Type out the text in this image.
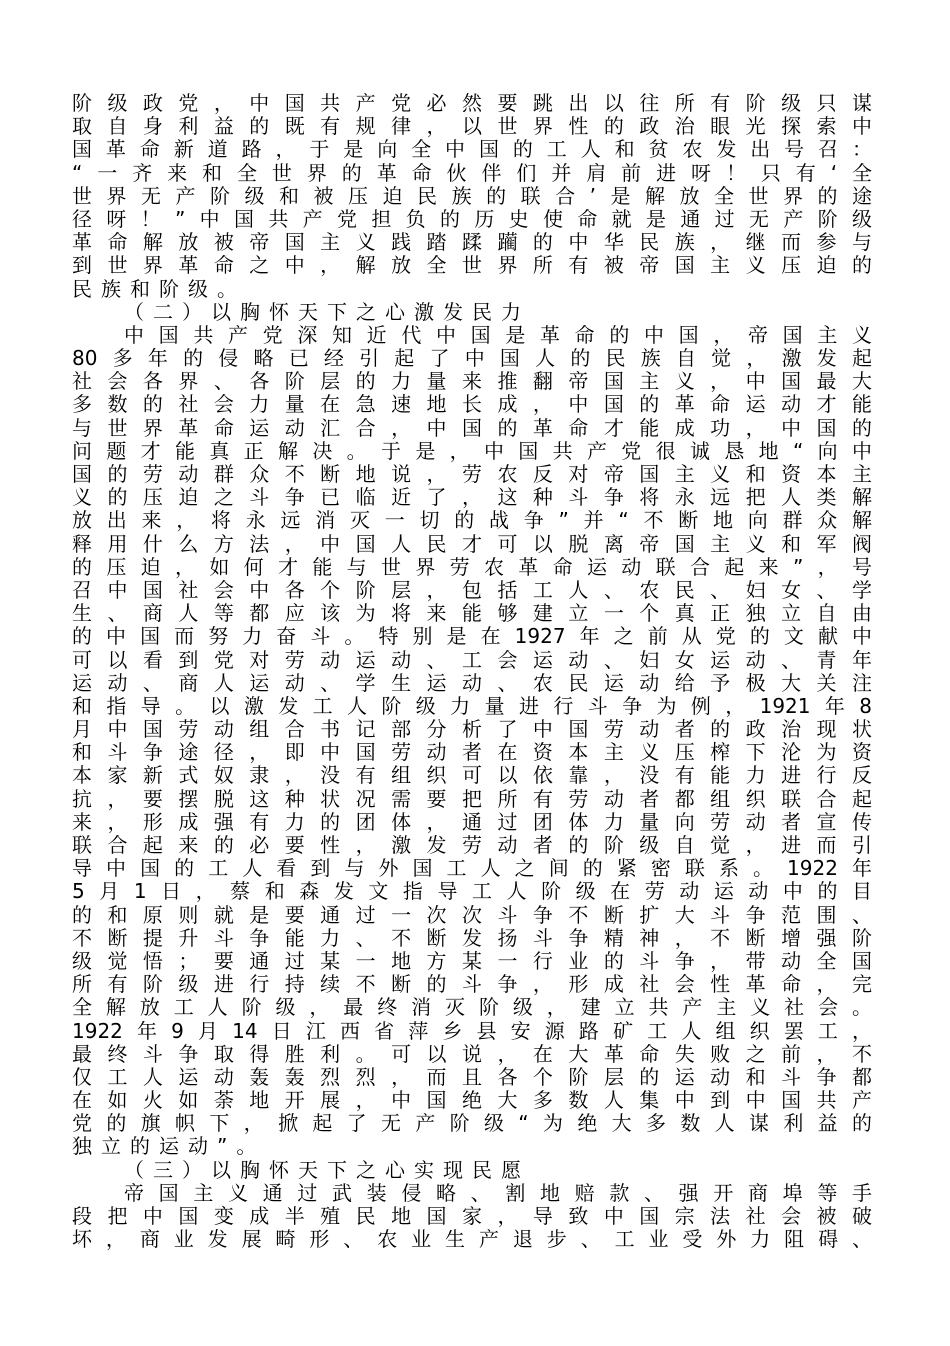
阶级政党，中国共产党必然要跳出以往所有阶级只谋
取自身利益的既有规律，以世界性的政治眼光探索中
国革命新道路，于是向全中国的工人和贫农发出号召：
“一齐来和全世界的革命伙伴们并肩前进呀！只有‘全
世界无产阶级和被压迫民族的联合’是解放全世界的途
径呀！”中国共产党担负的历史使命就是通过无产阶级
革命解放被帝国主义践踏蹂躏的中华民族，继而参与
到世界革命之中，解放全世界所有被帝国主义压迫的
民族和阶级。
（二）以胸怀天下之心激发民力
中国共产党深知近代中国是革命的中国，帝国主义
80多年的侵略已经引起了中国人的民族自觉，激发起
社会各界、各阶层的力量来推翻帝国主义，中国最大
多数的社会力量在急速地长成，中国的革命运动才能
与世界革命运动汇合，中国的革命才能成功，中国的
问题才能真正解决。于是，中国共产党很诚恳地“向中
国的劳动群众不断地说，劳农反对帝国主义和资本主
义的压迫之斗争已临近了，这种斗争将永远把人类解
放出来，将永远消灭一切的战争”并“不断地向群众解
释用什么方法，中国人民才可以脱离帝国主义和军阀
的压迫，如何才能与世界劳农革命运动联合起来”，号
召中国社会中各个阶层，包括工人、农民、妇女、学
生、商人等都应该为将来能够建立一个真正独立自由
的中国而努力奋斗。特别是在1927年之前从党的文献中
可以看到党对劳动运动、工会运动、妇女运动、青年
运动、商人运动、学生运动、农民运动给予极大关注
和指导。以激发工人阶级力量进行斗争为例，1921年8
月中国劳动组合书记部分析了中国劳动者的政治现状
和斗争途径，即中国劳动者在资本主义压榨下沦为资
本家新式奴隶，没有组织可以依靠，没有能力进行反
抗，要摆脱这种状况需要把所有劳动者都组织联合起
来，形成强有力的团体，通过团体力量向劳动者宣传
联合起来的必要性，激发劳动者的阶级自觉，进而引
导中国的工人看到与外国工人之间的紧密联系。1922年
5月1日，蔡和森发文指导工人阶级在劳动运动中的目
的和原则就是要通过一次次斗争不断扩大斗争范围、
不断提升斗争能力、不断发扬斗争精神，不断增强阶
级觉悟；要通过某一地方某一行业的斗争，带动全国
所有阶级进行持续不断的斗争，形成社会性革命，完
全解放工人阶级，最终消灭阶级，建立共产主义社会。
1922年9月14日江西省萍乡县安源路矿工人组织罢工，
最终斗争取得胜利。可以说，在大革命失败之前，不
仅工人运动轰轰烈烈，而且各个阶层的运动和斗争都
在如火如荼地开展，中国绝大多数人集中到中国共产
党的旗帜下，掀起了无产阶级“为绝大多数人谋利益的
独立的运动”。
（三）以胸怀天下之心实现民愿
帝国主义通过武装侵略、割地赔款、强开商埠等手
段把中国变成半殖民地国家，导致中国宗法社会被破
坏，商业发展畸形、农业生产退步、工业受外力阻碍、
